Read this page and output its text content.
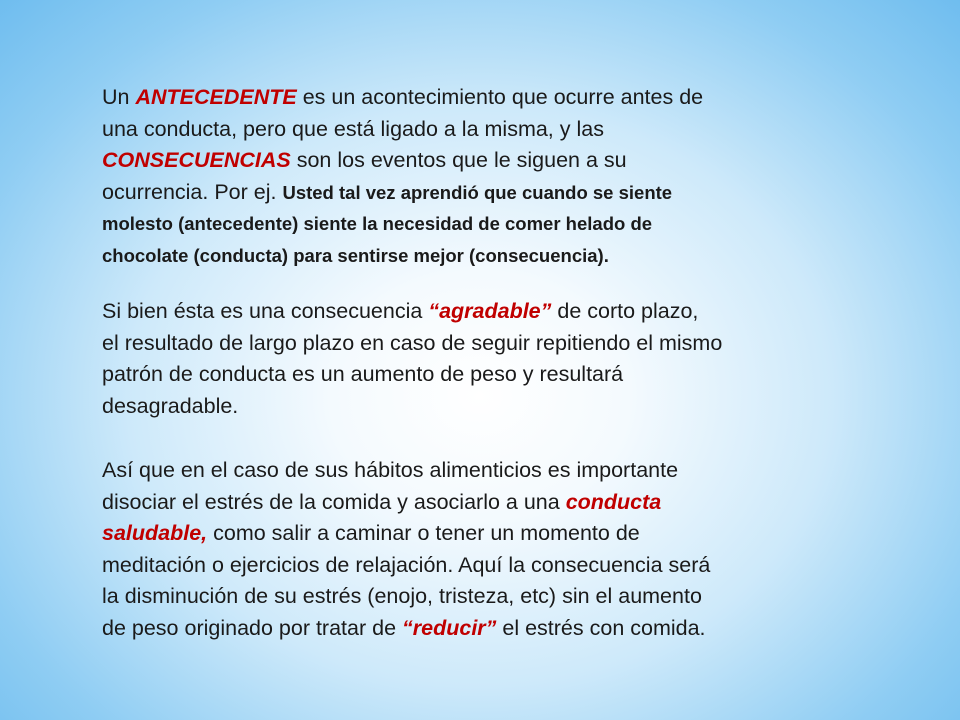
Un ANTECEDENTE es un acontecimiento que ocurre antes de
una conducta, pero que está ligado a la misma, y las
CONSECUENCIAS son los eventos que le siguen a su
ocurrencia. Por ej. Usted tal vez aprendió que cuando se siente
molesto (antecedente) siente la necesidad de comer helado de
chocolate (conducta) para sentirse mejor (consecuencia).
Si bien ésta es una consecuencia “agradable” de corto plazo,
el resultado de largo plazo en caso de seguir repitiendo el mismo
patrón de conducta es un aumento de peso y resultará
desagradable.
Así que en el caso de sus hábitos alimenticios es importante
disociar el estrés de la comida y asociarlo a una conducta
saludable, como salir a caminar o tener un momento de
meditación o ejercicios de relajación. Aquí la consecuencia será
la disminución de su estrés (enojo, tristeza, etc) sin el aumento
de peso originado por tratar de “reducir” el estrés con comida.
